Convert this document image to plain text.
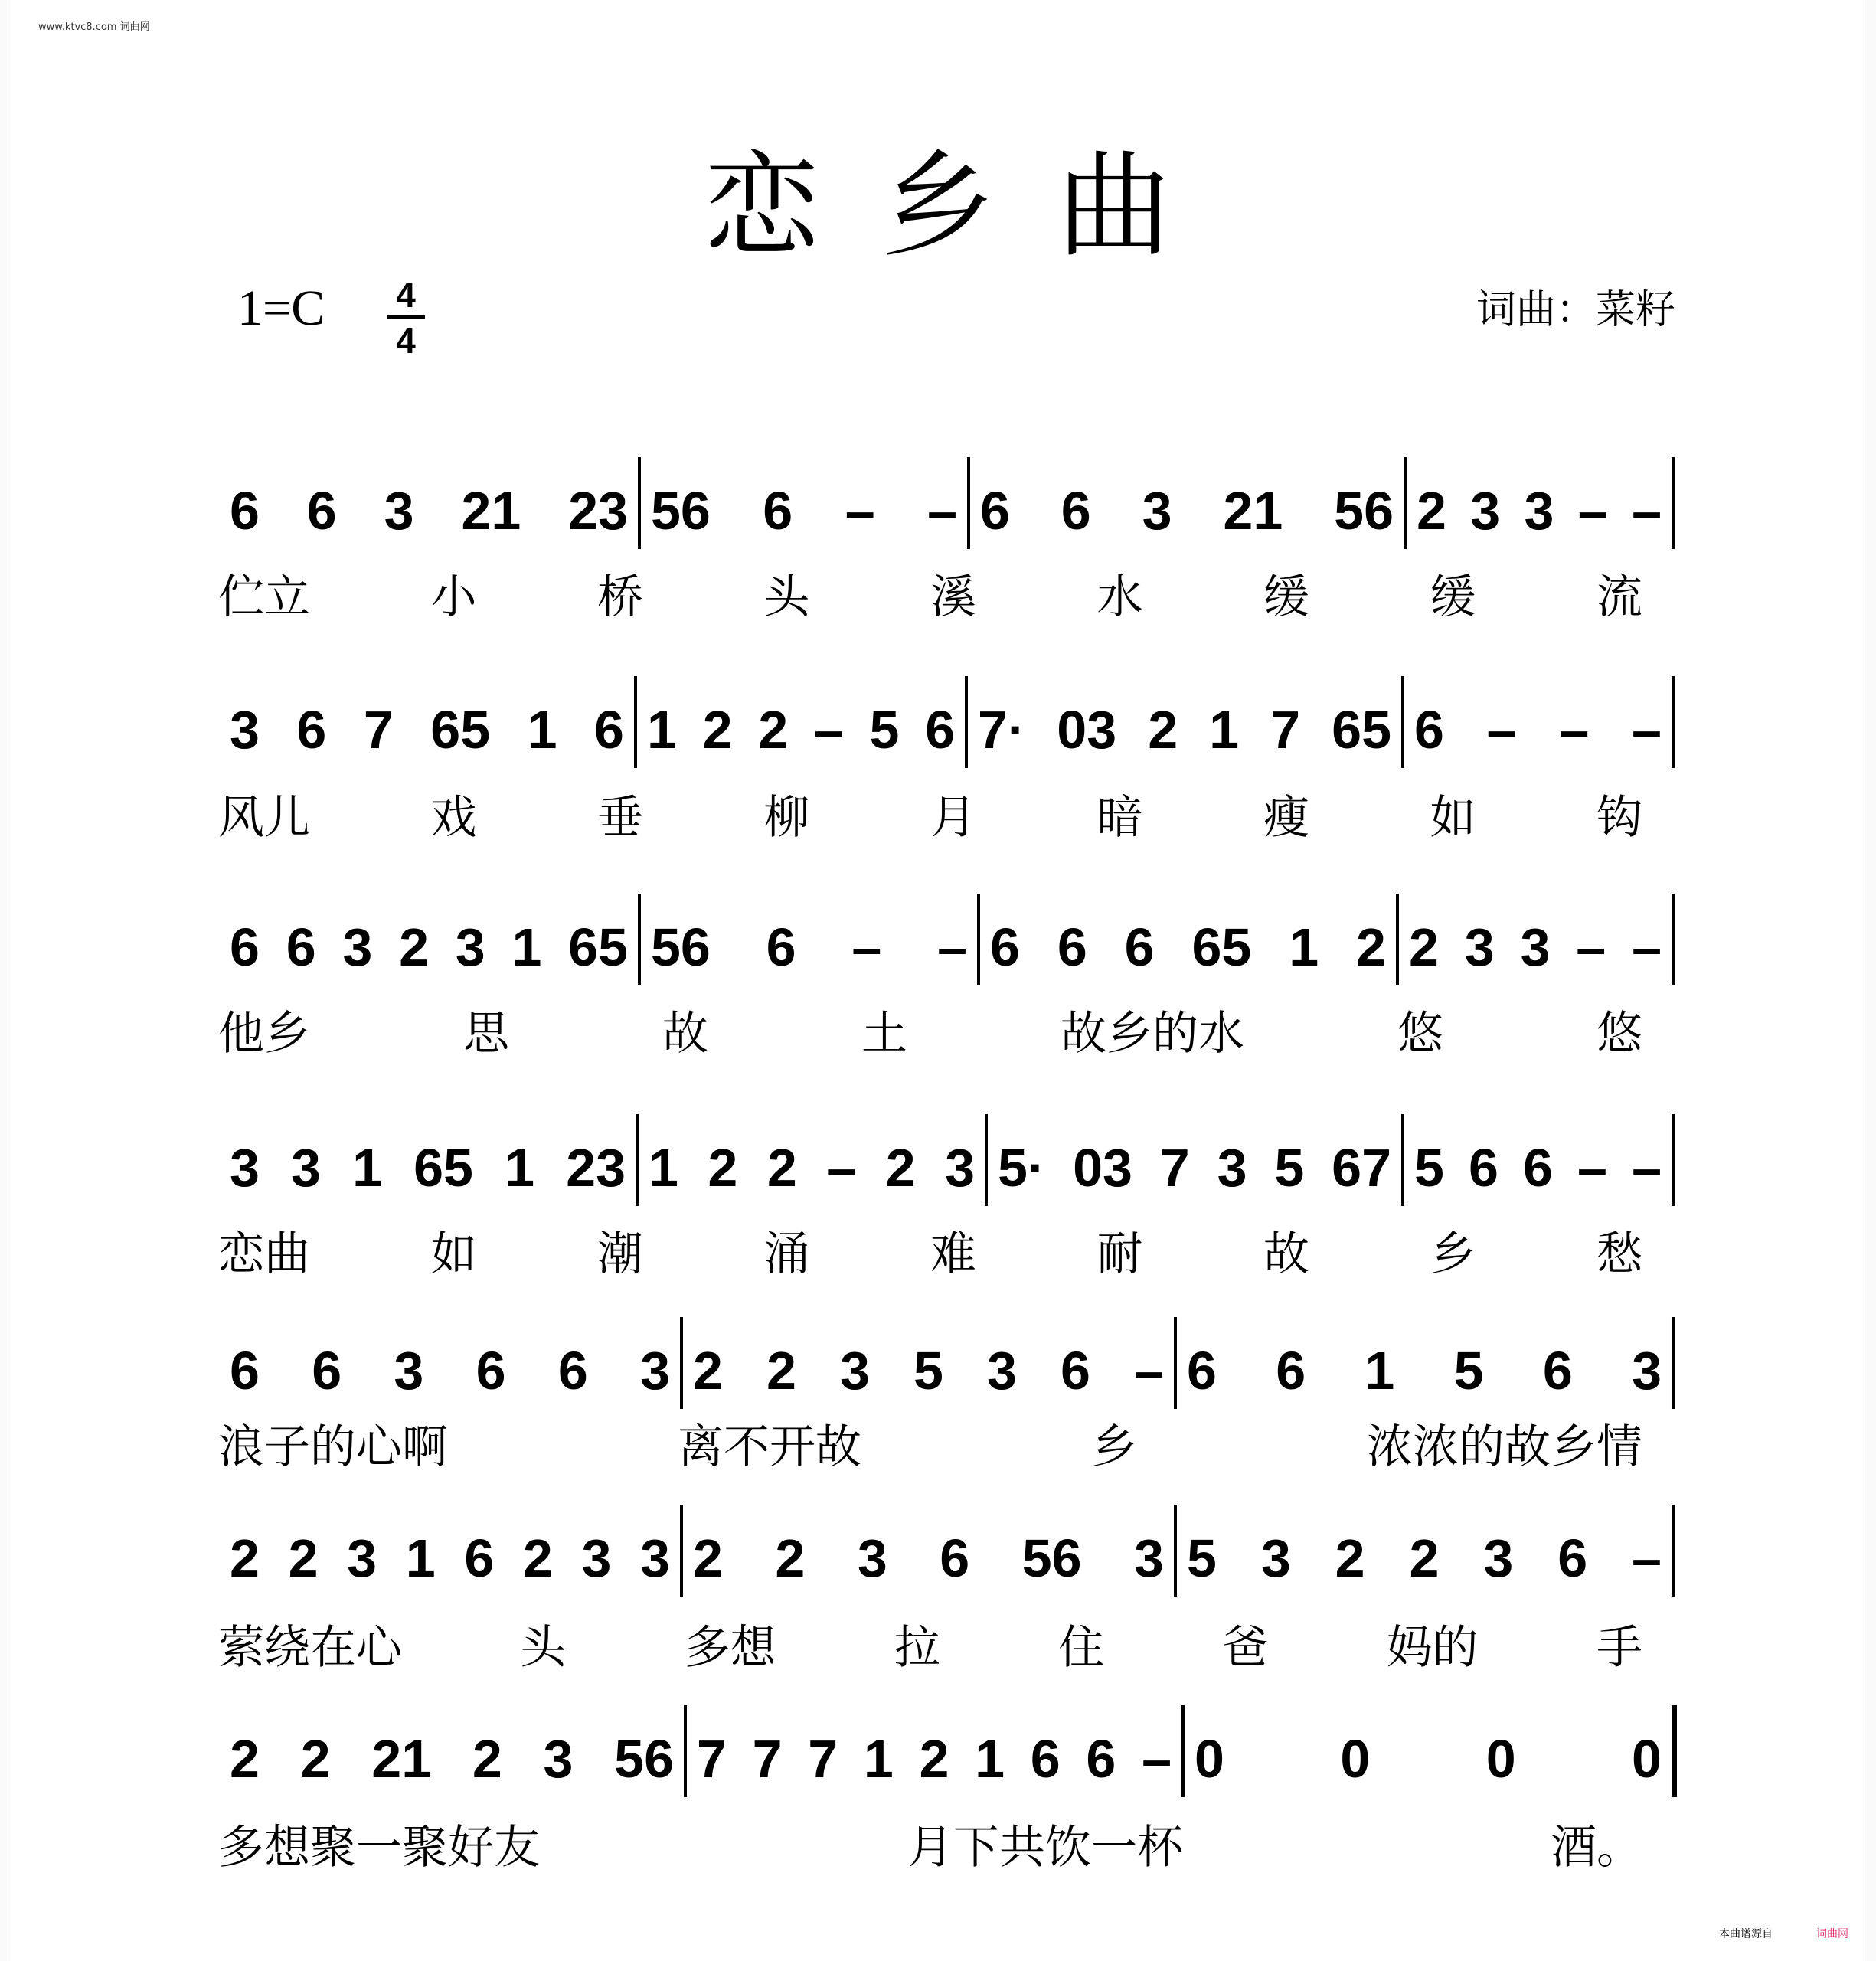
www.ktvc8.com 词曲网
恋乡曲
1=C 4
4
词曲：菜籽
6 6 3 21 23 56 6 – – 6 6 3 21 56 2 3 3 – –
伫立	小	桥	头	溪	水	缓	缓	流
3 6 7 65 1 6 1 2 2 – 5 6 7· 03 2 1 7 65 6 – – –
风儿	戏	垂	柳	月	暗	瘦	如	钩
6 6 3 2 3 1 65 56 6 – – 6 6 6 65 1 2 2 3 3 – –
他乡	思	故	土	故乡的水	悠	悠
3 3 1 65 1 23 1 2 2 – 2 3 5· 03 7 3 5 67 5 6 6 – –
恋曲	如	潮	涌	难	耐	故	乡	愁
6 6 3 6 6 3 2 2 3 5 3 6 – 6 6 1 5 6 3
浪子的心啊	离不开故	乡	浓浓的故乡情
2 2 3 1 6 2 3 3 2 2 3 6 56 3 5 3 2 2 3 6 –
萦绕在心	头	多想	拉	住	爸	妈的	手
2 2 21 2 3 56 7 7 7 1 2 1 6 6 – 0 0 0 0
多想聚一聚好友	月下共饮一杯	酒。
本曲谱源自	词曲网
